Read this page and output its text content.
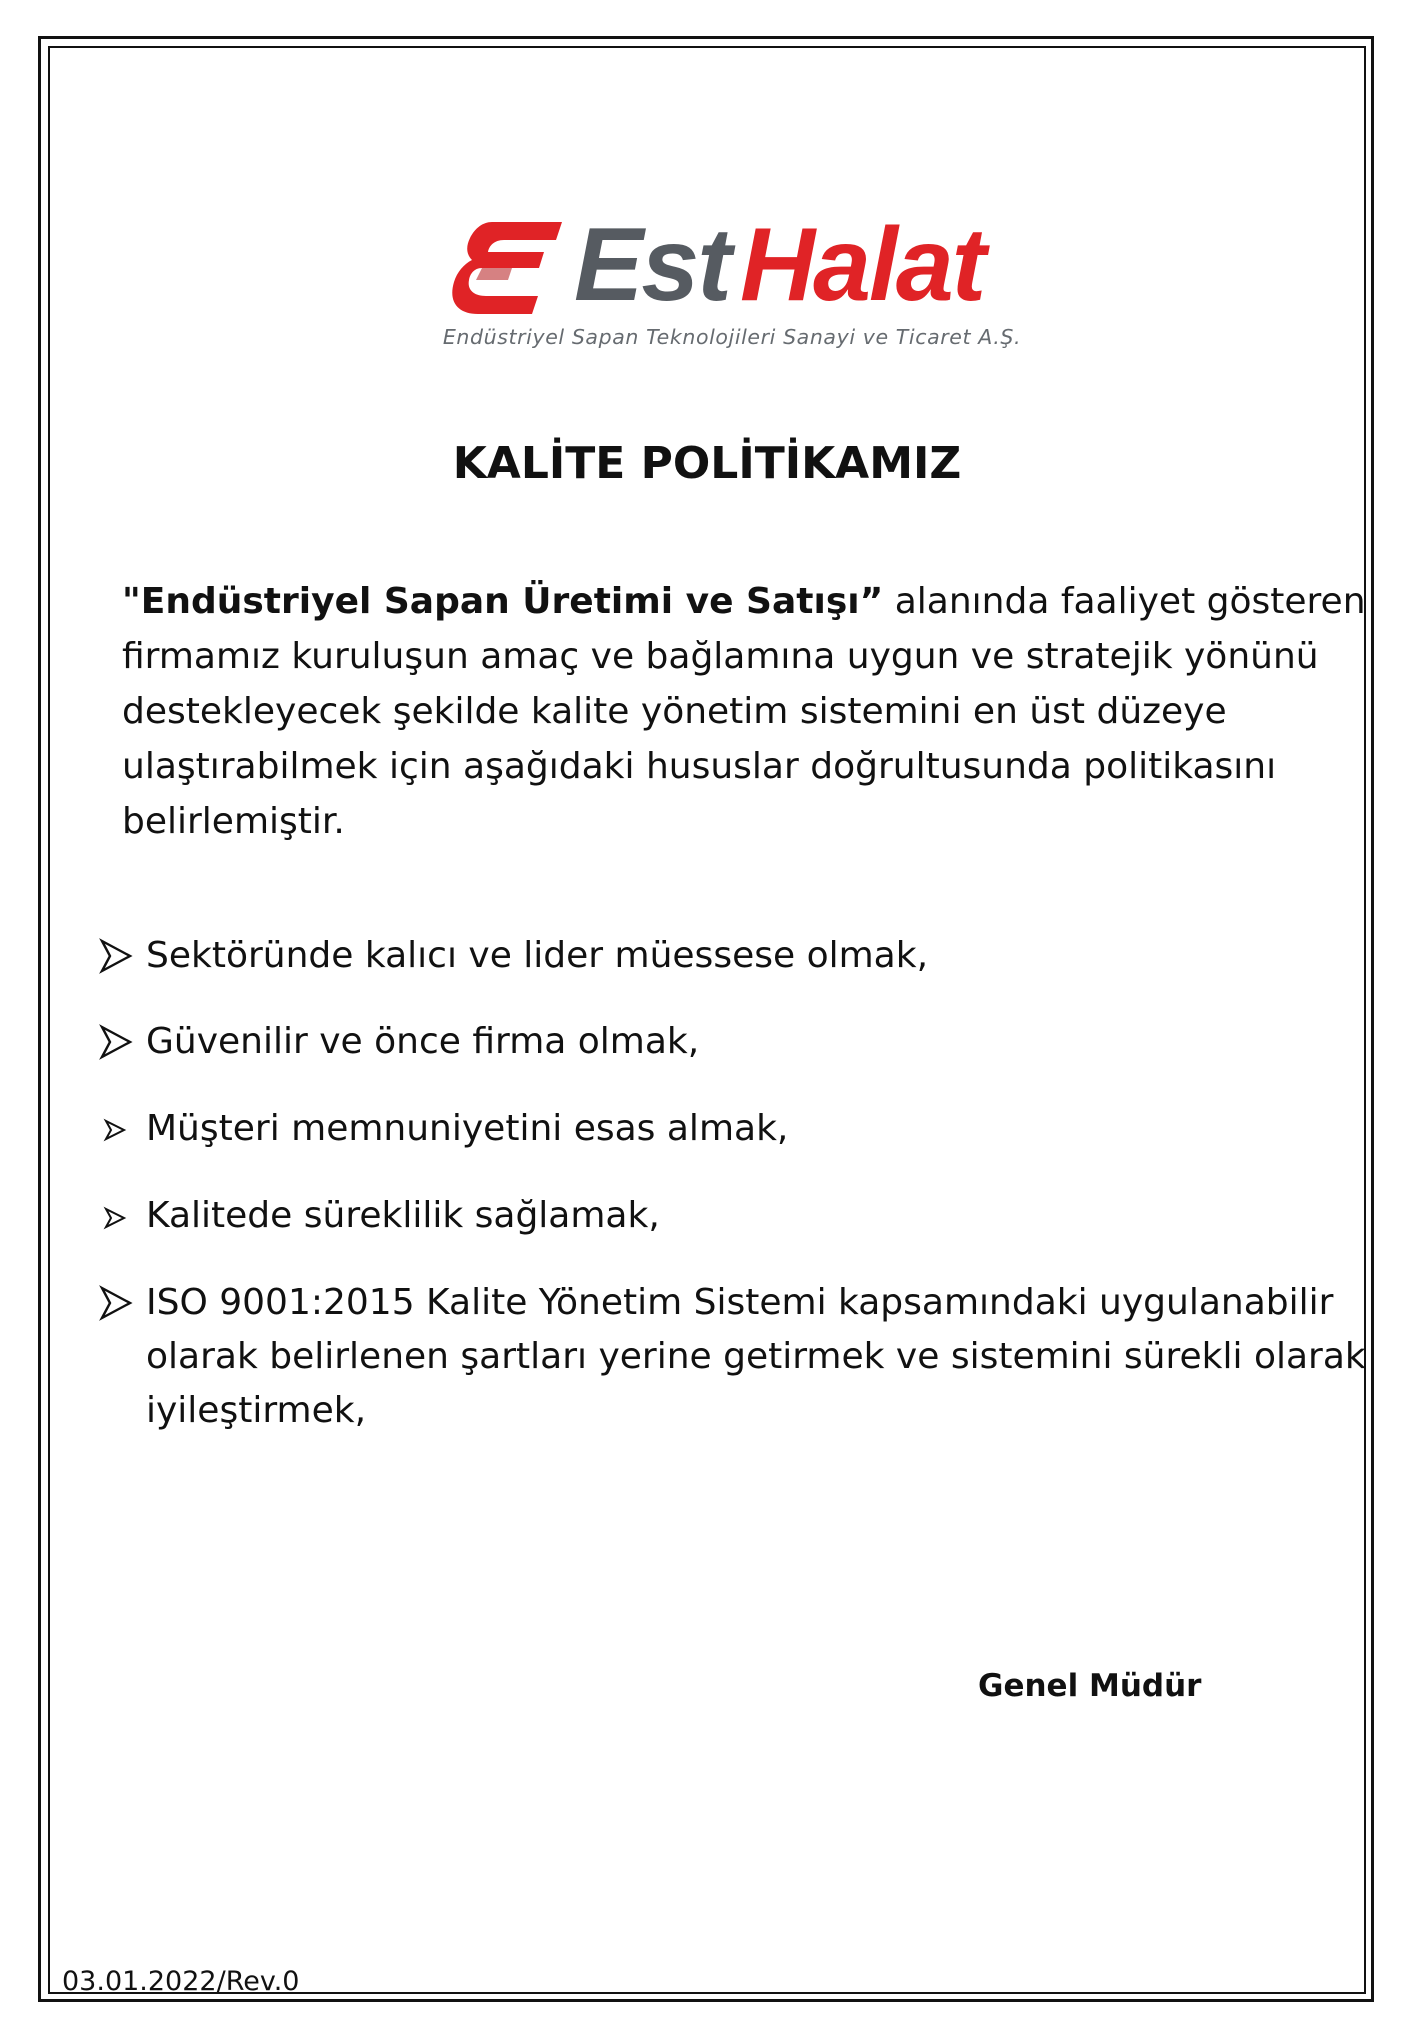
Est Halat
Endüstriyel Sapan Teknolojileri Sanayi ve Ticaret A.Ş.
KALİTE POLİTİKAMIZ

"Endüstriyel Sapan Üretimi ve Satışı” alanında faaliyet gösteren
firmamız kuruluşun amaç ve bağlamına uygun ve stratejik yönünü
destekleyecek şekilde kalite yönetim sistemini en üst düzeye
ulaştırabilmek için aşağıdaki hususlar doğrultusunda politikasını
belirlemiştir.

Sektöründe kalıcı ve lider müessese olmak,
Güvenilir ve önce firma olmak,
Müşteri memnuniyetini esas almak,
Kalitede süreklilik sağlamak,
ISO 9001:2015 Kalite Yönetim Sistemi kapsamındaki uygulanabilir
olarak belirlenen şartları yerine getirmek ve sistemini sürekli olarak
iyileştirmek,
Genel Müdür
03.01.2022/Rev.0
